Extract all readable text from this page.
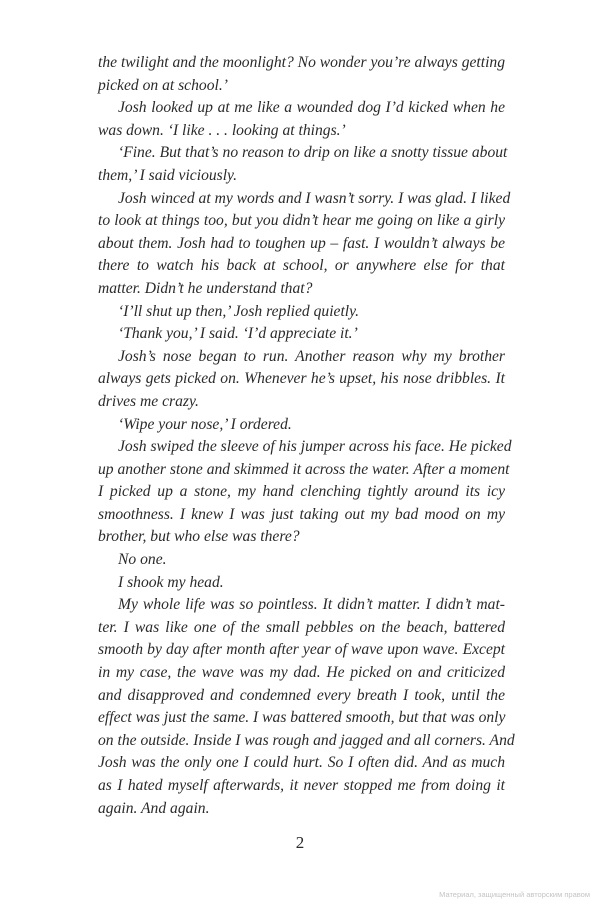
the twilight and the moonlight? No wonder you’re always getting
picked on at school.’
Josh looked up at me like a wounded dog I’d kicked when he
was down. ‘I like . . . looking at things.’
‘Fine. But that’s no reason to drip on like a snotty tissue about
them,’ I said viciously.
Josh winced at my words and I wasn’t sorry. I was glad. I liked
to look at things too, but you didn’t hear me going on like a girly
about them. Josh had to toughen up – fast. I wouldn’t always be
there to watch his back at school, or anywhere else for that
matter. Didn’t he understand that?
‘I’ll shut up then,’ Josh replied quietly.
‘Thank you,’ I said. ‘I’d appreciate it.’
Josh’s nose began to run. Another reason why my brother
always gets picked on. Whenever he’s upset, his nose dribbles. It
drives me crazy.
‘Wipe your nose,’ I ordered.
Josh swiped the sleeve of his jumper across his face. He picked
up another stone and skimmed it across the water. After a moment
I picked up a stone, my hand clenching tightly around its icy
smoothness. I knew I was just taking out my bad mood on my
brother, but who else was there?
No one.
I shook my head.
My whole life was so pointless. It didn’t matter. I didn’t mat-
ter. I was like one of the small pebbles on the beach, battered
smooth by day after month after year of wave upon wave. Except
in my case, the wave was my dad. He picked on and criticized
and disapproved and condemned every breath I took, until the
effect was just the same. I was battered smooth, but that was only
on the outside. Inside I was rough and jagged and all corners. And
Josh was the only one I could hurt. So I often did. And as much
as I hated myself afterwards, it never stopped me from doing it
again. And again.
2
Материал, защищенный авторским правом
